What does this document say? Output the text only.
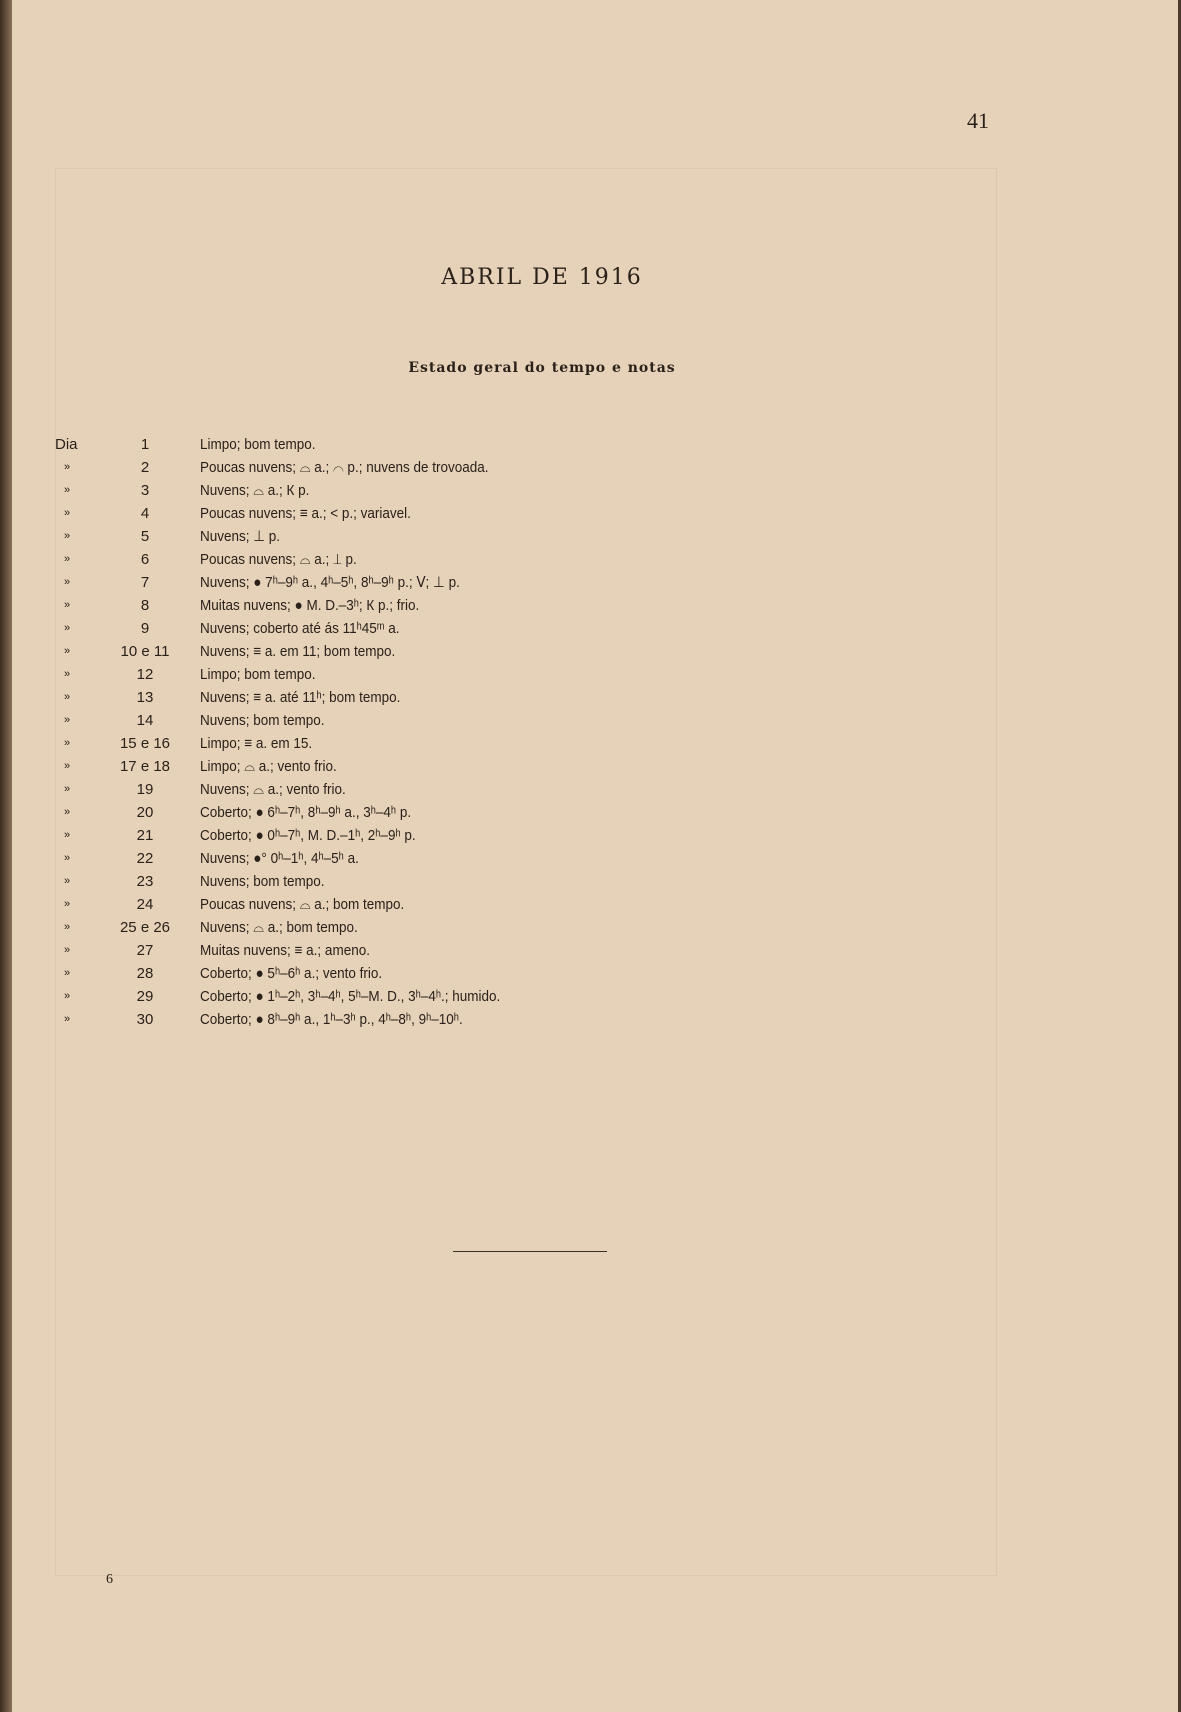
41
ABRIL DE 1916
Estado geral do tempo e notas
Dia	1	Limpo; bom tempo.
»	2	Poucas nuvens; ⌓ a.; ⌒ p.; nuvens de trovoada.
»	3	Nuvens; ⌓ a.; К p.
»	4	Poucas nuvens; ≡ a.; < p.; variavel.
»	5	Nuvens; ⊥ p.
»	6	Poucas nuvens; ⌓ a.; ⊥ p.
»	7	Nuvens; ● 7ʰ–9ʰ a., 4ʰ–5ʰ, 8ʰ–9ʰ p.; ᐯ; ⊥ p.
»	8	Muitas nuvens; ● M. D.–3ʰ; К p.; frio.
»	9	Nuvens; coberto até ás 11ʰ45ᵐ a.
»	10 e 11	Nuvens; ≡ a. em 11; bom tempo.
»	12	Limpo; bom tempo.
»	13	Nuvens; ≡ a. até 11ʰ; bom tempo.
»	14	Nuvens; bom tempo.
»	15 e 16	Limpo; ≡ a. em 15.
»	17 e 18	Limpo; ⌓ a.; vento frio.
»	19	Nuvens; ⌓ a.; vento frio.
»	20	Coberto; ● 6ʰ–7ʰ, 8ʰ–9ʰ a., 3ʰ–4ʰ p.
»	21	Coberto; ● 0ʰ–7ʰ, M. D.–1ʰ, 2ʰ–9ʰ p.
»	22	Nuvens; ●° 0ʰ–1ʰ, 4ʰ–5ʰ a.
»	23	Nuvens; bom tempo.
»	24	Poucas nuvens; ⌓ a.; bom tempo.
»	25 e 26	Nuvens; ⌓ a.; bom tempo.
»	27	Muitas nuvens; ≡ a.; ameno.
»	28	Coberto; ● 5ʰ–6ʰ a.; vento frio.
»	29	Coberto; ● 1ʰ–2ʰ, 3ʰ–4ʰ, 5ʰ–M. D., 3ʰ–4ʰ.; humido.
»	30	Coberto; ● 8ʰ–9ʰ a., 1ʰ–3ʰ p., 4ʰ–8ʰ, 9ʰ–10ʰ.
6
